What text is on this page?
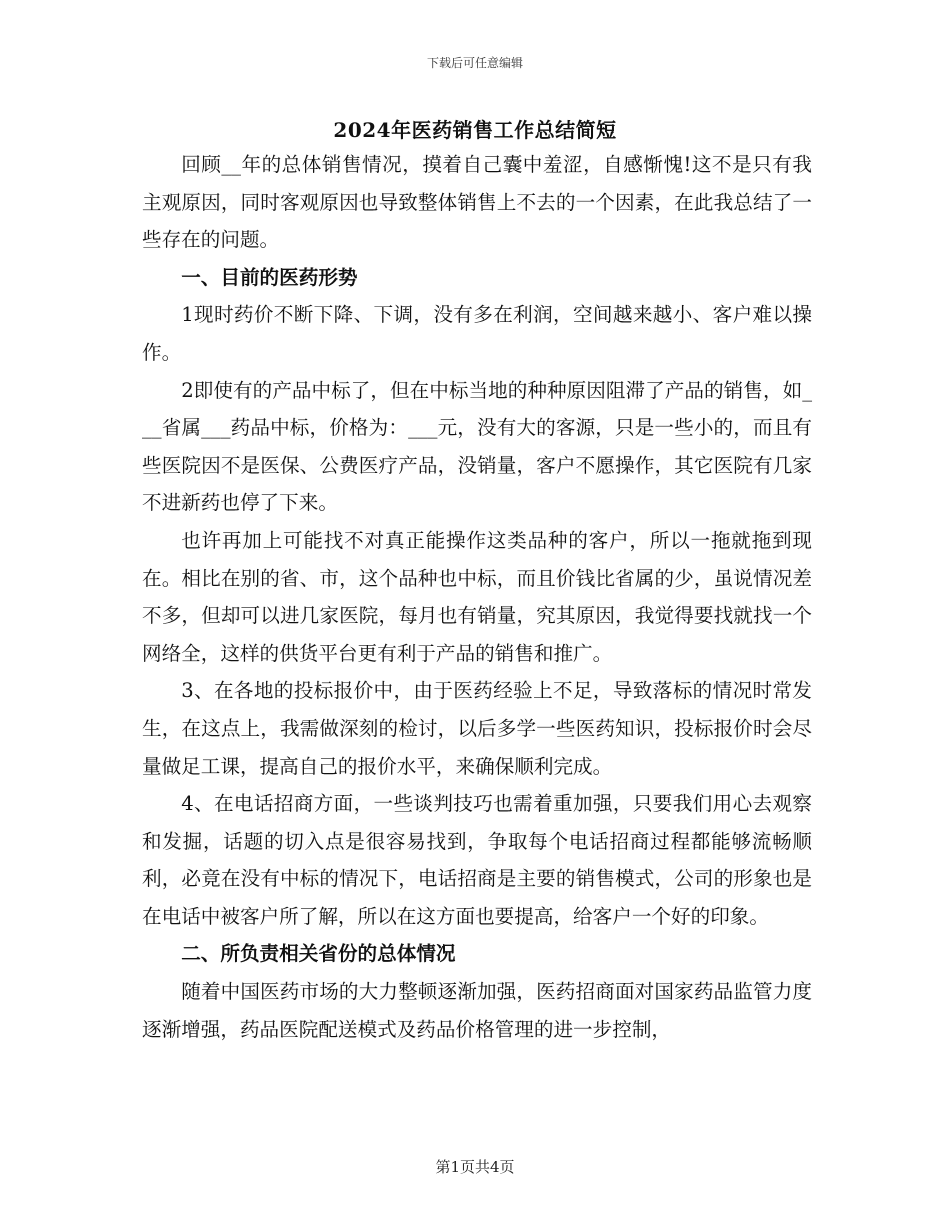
下载后可任意编辑
2024年医药销售工作总结简短

回顾__年的总体销售情况，摸着自己囊中羞涩，自感惭愧!这不是只有我主观原因，同时客观原因也导致整体销售上不去的一个因素，在此我总结了一些存在的问题。

一、目前的医药形势

1现时药价不断下降、下调，没有多在利润，空间越来越小、客户难以操作。

2即使有的产品中标了，但在中标当地的种种原因阻滞了产品的销售，如___省属___药品中标，价格为：___元，没有大的客源，只是一些小的，而且有些医院因不是医保、公费医疗产品，没销量，客户不愿操作，其它医院有几家不进新药也停了下来。

也许再加上可能找不对真正能操作这类品种的客户，所以一拖就拖到现在。相比在别的省、市，这个品种也中标，而且价钱比省属的少，虽说情况差不多，但却可以进几家医院，每月也有销量，究其原因，我觉得要找就找一个网络全，这样的供货平台更有利于产品的销售和推广。

3、在各地的投标报价中，由于医药经验上不足，导致落标的情况时常发生，在这点上，我需做深刻的检讨，以后多学一些医药知识，投标报价时会尽量做足工课，提高自己的报价水平，来确保顺利完成。

4、在电话招商方面，一些谈判技巧也需着重加强，只要我们用心去观察和发掘，话题的切入点是很容易找到，争取每个电话招商过程都能够流畅顺利，必竟在没有中标的情况下，电话招商是主要的销售模式，公司的形象也是在电话中被客户所了解，所以在这方面也要提高，给客户一个好的印象。

二、所负责相关省份的总体情况

随着中国医药市场的大力整顿逐渐加强，医药招商面对国家药品监管力度逐渐增强，药品医院配送模式及药品价格管理的进一步控制，

第1页共4页
